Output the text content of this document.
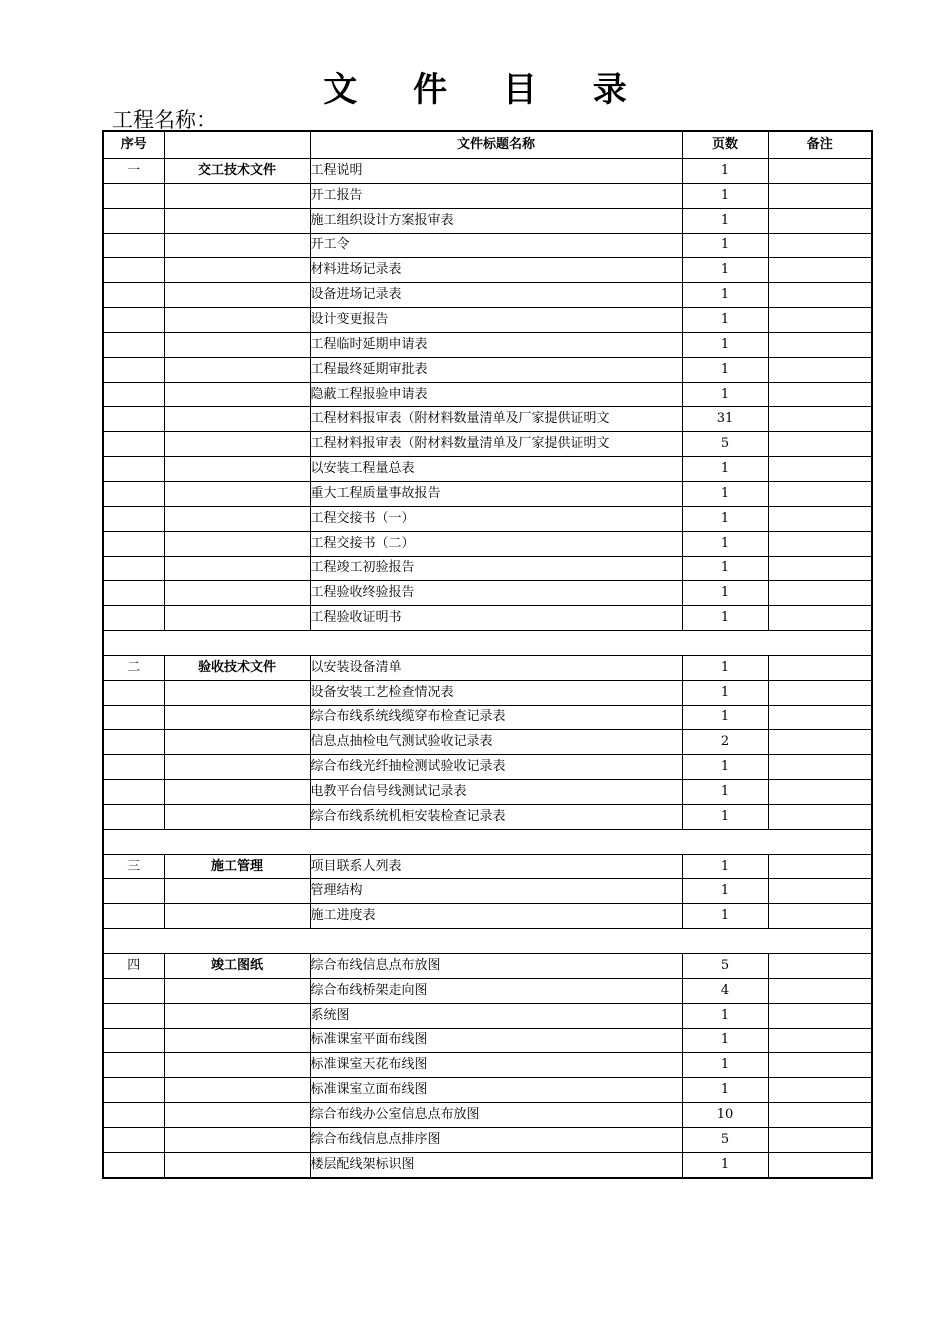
文 件 目 录
工程名称：
序号		文件标题名称	页数	备注
一	交工技术文件	工程说明	1	
		开工报告	1	
		施工组织设计方案报审表	1	
		开工令	1	
		材料进场记录表	1	
		设备进场记录表	1	
		设计变更报告	1	
		工程临时延期申请表	1	
		工程最终延期审批表	1	
		隐蔽工程报验申请表	1	
		工程材料报审表（附材料数量清单及厂家提供证明文	31	
		工程材料报审表（附材料数量清单及厂家提供证明文	5	
		以安装工程量总表	1	
		重大工程质量事故报告	1	
		工程交接书（一）	1	
		工程交接书（二）	1	
		工程竣工初验报告	1	
		工程验收终验报告	1	
		工程验收证明书	1	

二	验收技术文件	以安装设备清单	1	
		设备安装工艺检查情况表	1	
		综合布线系统线缆穿布检查记录表	1	
		信息点抽检电气测试验收记录表	2	
		综合布线光纤抽检测试验收记录表	1	
		电教平台信号线测试记录表	1	
		综合布线系统机柜安装检查记录表	1	

三	施工管理	项目联系人列表	1	
		管理结构	1	
		施工进度表	1	

四	竣工图纸	综合布线信息点布放图	5	
		综合布线桥架走向图	4	
		系统图	1	
		标准课室平面布线图	1	
		标准课室天花布线图	1	
		标准课室立面布线图	1	
		综合布线办公室信息点布放图	10	
		综合布线信息点排序图	5	
		楼层配线架标识图	1	
